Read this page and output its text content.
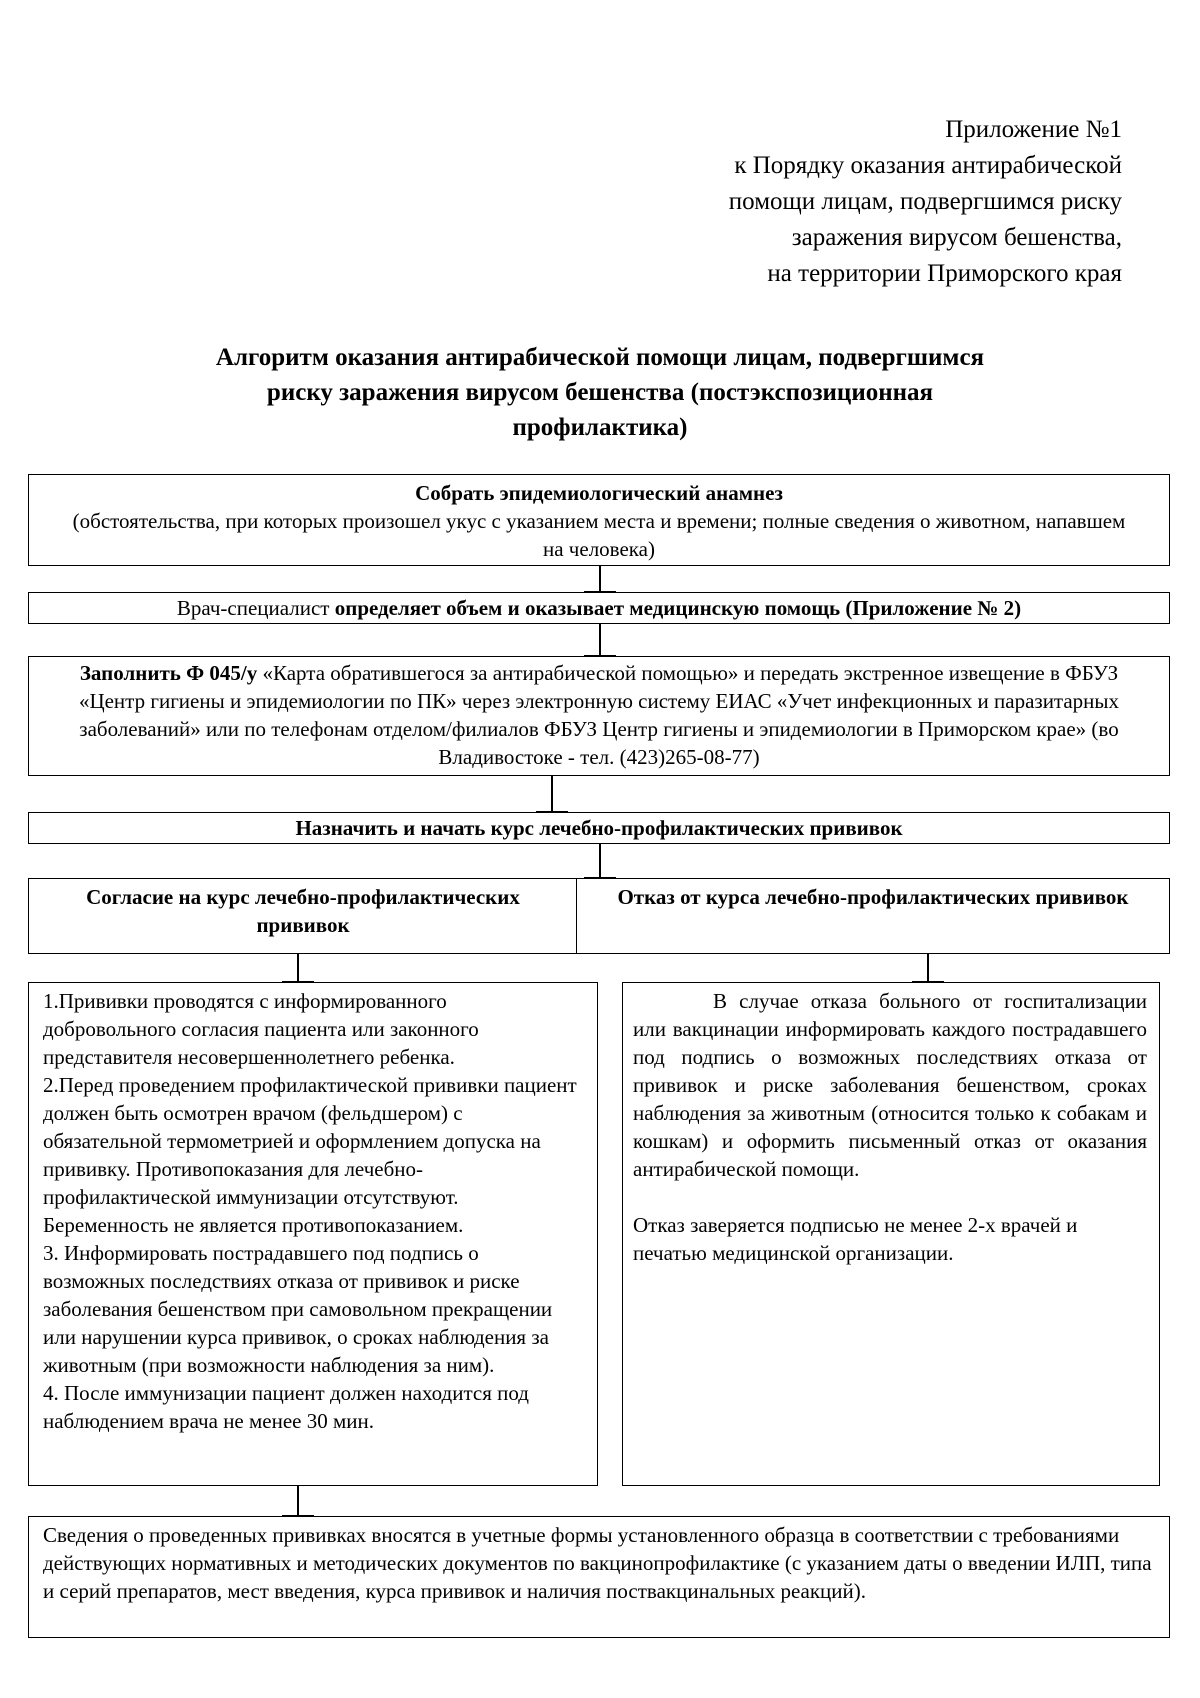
Приложение №1
к Порядку оказания антирабической
помощи лицам, подвергшимся риску
заражения вирусом бешенства,
на территории Приморского края
Алгоритм оказания антирабической помощи лицам, подвергшимся
риску заражения вирусом бешенства (постэкспозиционная
профилактика)
Собрать эпидемиологический анамнез
(обстоятельства, при которых произошел укус с указанием места и времени; полные сведения о животном, напавшем на человека)
Врач-специалист определяет объем и оказывает медицинскую помощь (Приложение № 2)
Заполнить Ф 045/у «Карта обратившегося за антирабической помощью» и передать экстренное извещение в ФБУЗ «Центр гигиены и эпидемиологии по ПК» через электронную систему ЕИАС «Учет инфекционных и паразитарных заболеваний» или по телефонам отделом/филиалов ФБУЗ Центр гигиены и эпидемиологии в Приморском крае» (во Владивостоке - тел. (423)265-08-77)
Назначить и начать курс лечебно-профилактических прививок
Согласие на курс лечебно-профилактических прививок
Отказ от курса лечебно-профилактических прививок

1.Прививки проводятся с информированного добровольного согласия пациента или законного представителя несовершеннолетнего ребенка.

2.Перед проведением профилактической прививки пациент должен быть осмотрен врачом (фельдшером) с обязательной термометрией и оформлением допуска на прививку. Противопоказания для лечебно-профилактической иммунизации отсутствуют. Беременность не является противопоказанием.

3. Информировать пострадавшего под подпись о возможных последствиях отказа от прививок и риске заболевания бешенством при самовольном прекращении или нарушении курса прививок, о сроках наблюдения за животным (при возможности наблюдения за ним).

4. После иммунизации пациент должен находится под наблюдением врача не менее 30 мин.

В случае отказа больного от госпитализации или вакцинации информировать каждого пострадавшего под подпись о возможных последствиях отказа от прививок и риске заболевания бешенством, сроках наблюдения за животным (относится только к собакам и кошкам) и оформить письменный отказ от оказания антирабической помощи.

Отказ заверяется подписью не менее 2-х врачей и печатью медицинской организации.

Сведения о проведенных прививках вносятся в учетные формы установленного образца в соответствии с требованиями действующих нормативных и методических документов по вакцинопрофилактике (с указанием даты о введении ИЛП, типа и серий препаратов, мест введения, курса прививок и наличия поствакцинальных реакций).
